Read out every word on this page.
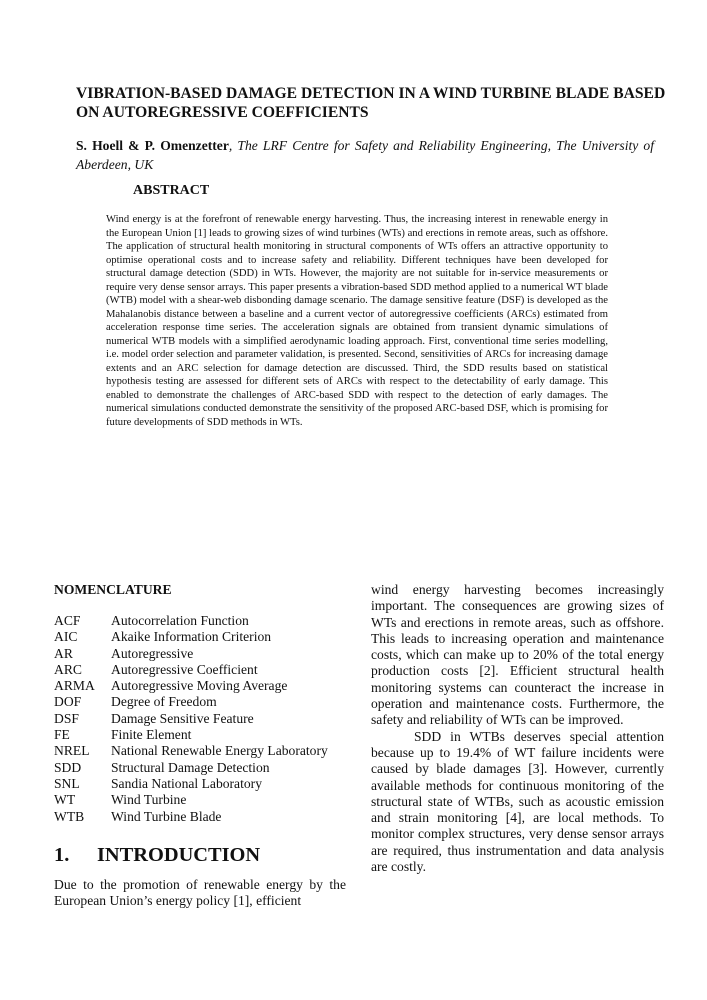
VIBRATION-BASED DAMAGE DETECTION IN A WIND TURBINE BLADE BASED ON AUTOREGRESSIVE COEFFICIENTS

S. Hoell & P. Omenzetter, The LRF Centre for Safety and Reliability Engineering, The University of Aberdeen, UK

ABSTRACT

Wind energy is at the forefront of renewable energy harvesting. Thus, the increasing interest in renewable energy in the European Union [1] leads to growing sizes of wind turbines (WTs) and erections in remote areas, such as offshore. The application of structural health monitoring in structural components of WTs offers an attractive opportunity to optimise operational costs and to increase safety and reliability. Different techniques have been developed for structural damage detection (SDD) in WTs. However, the majority are not suitable for in-service measurements or require very dense sensor arrays. This paper presents a vibration-based SDD method applied to a numerical WT blade (WTB) model with a shear-web disbonding damage scenario. The damage sensitive feature (DSF) is developed as the Mahalanobis distance between a baseline and a current vector of autoregressive coefficients (ARCs) estimated from acceleration response time series. The acceleration signals are obtained from transient dynamic simulations of numerical WTB models with a simplified aerodynamic loading approach. First, conventional time series modelling, i.e. model order selection and parameter validation, is presented. Second, sensitivities of ARCs for increasing damage extents and an ARC selection for damage detection are discussed. Third, the SDD results based on statistical hypothesis testing are assessed for different sets of ARCs with respect to the detectability of early damage. This enabled to demonstrate the challenges of ARC-based SDD with respect to the detection of early damages. The numerical simulations conducted demonstrate the sensitivity of the proposed ARC-based DSF, which is promising for future developments of SDD methods in WTs.

NOMENCLATURE
ACF Autocorrelation Function
AIC Akaike Information Criterion
AR	Autoregressive
ARC Autoregressive Coefficient
ARMA Autoregressive Moving Average
DOF Degree of Freedom
DSF Damage Sensitive Feature
FE	Finite Element
NREL National Renewable Energy Laboratory
SDD Structural Damage Detection
SNL Sandia National Laboratory
WT	Wind Turbine
WTB Wind Turbine Blade
1. INTRODUCTION

Due to the promotion of renewable energy by the European Union’s energy policy [1], efficient

wind energy harvesting becomes increasingly important. The consequences are growing sizes of WTs and erections in remote areas, such as offshore. This leads to increasing operation and maintenance costs, which can make up to 20% of the total energy production costs [2]. Efficient structural health monitoring systems can counteract the increase in operation and maintenance costs. Furthermore, the safety and reliability of WTs can be improved.

SDD in WTBs deserves special attention because up to 19.4% of WT failure incidents were caused by blade damages [3]. However, currently available methods for continuous monitoring of the structural state of WTBs, such as acoustic emission and strain monitoring [4], are local methods. To monitor complex structures, very dense sensor arrays are required, thus instrumentation and data analysis are costly.
